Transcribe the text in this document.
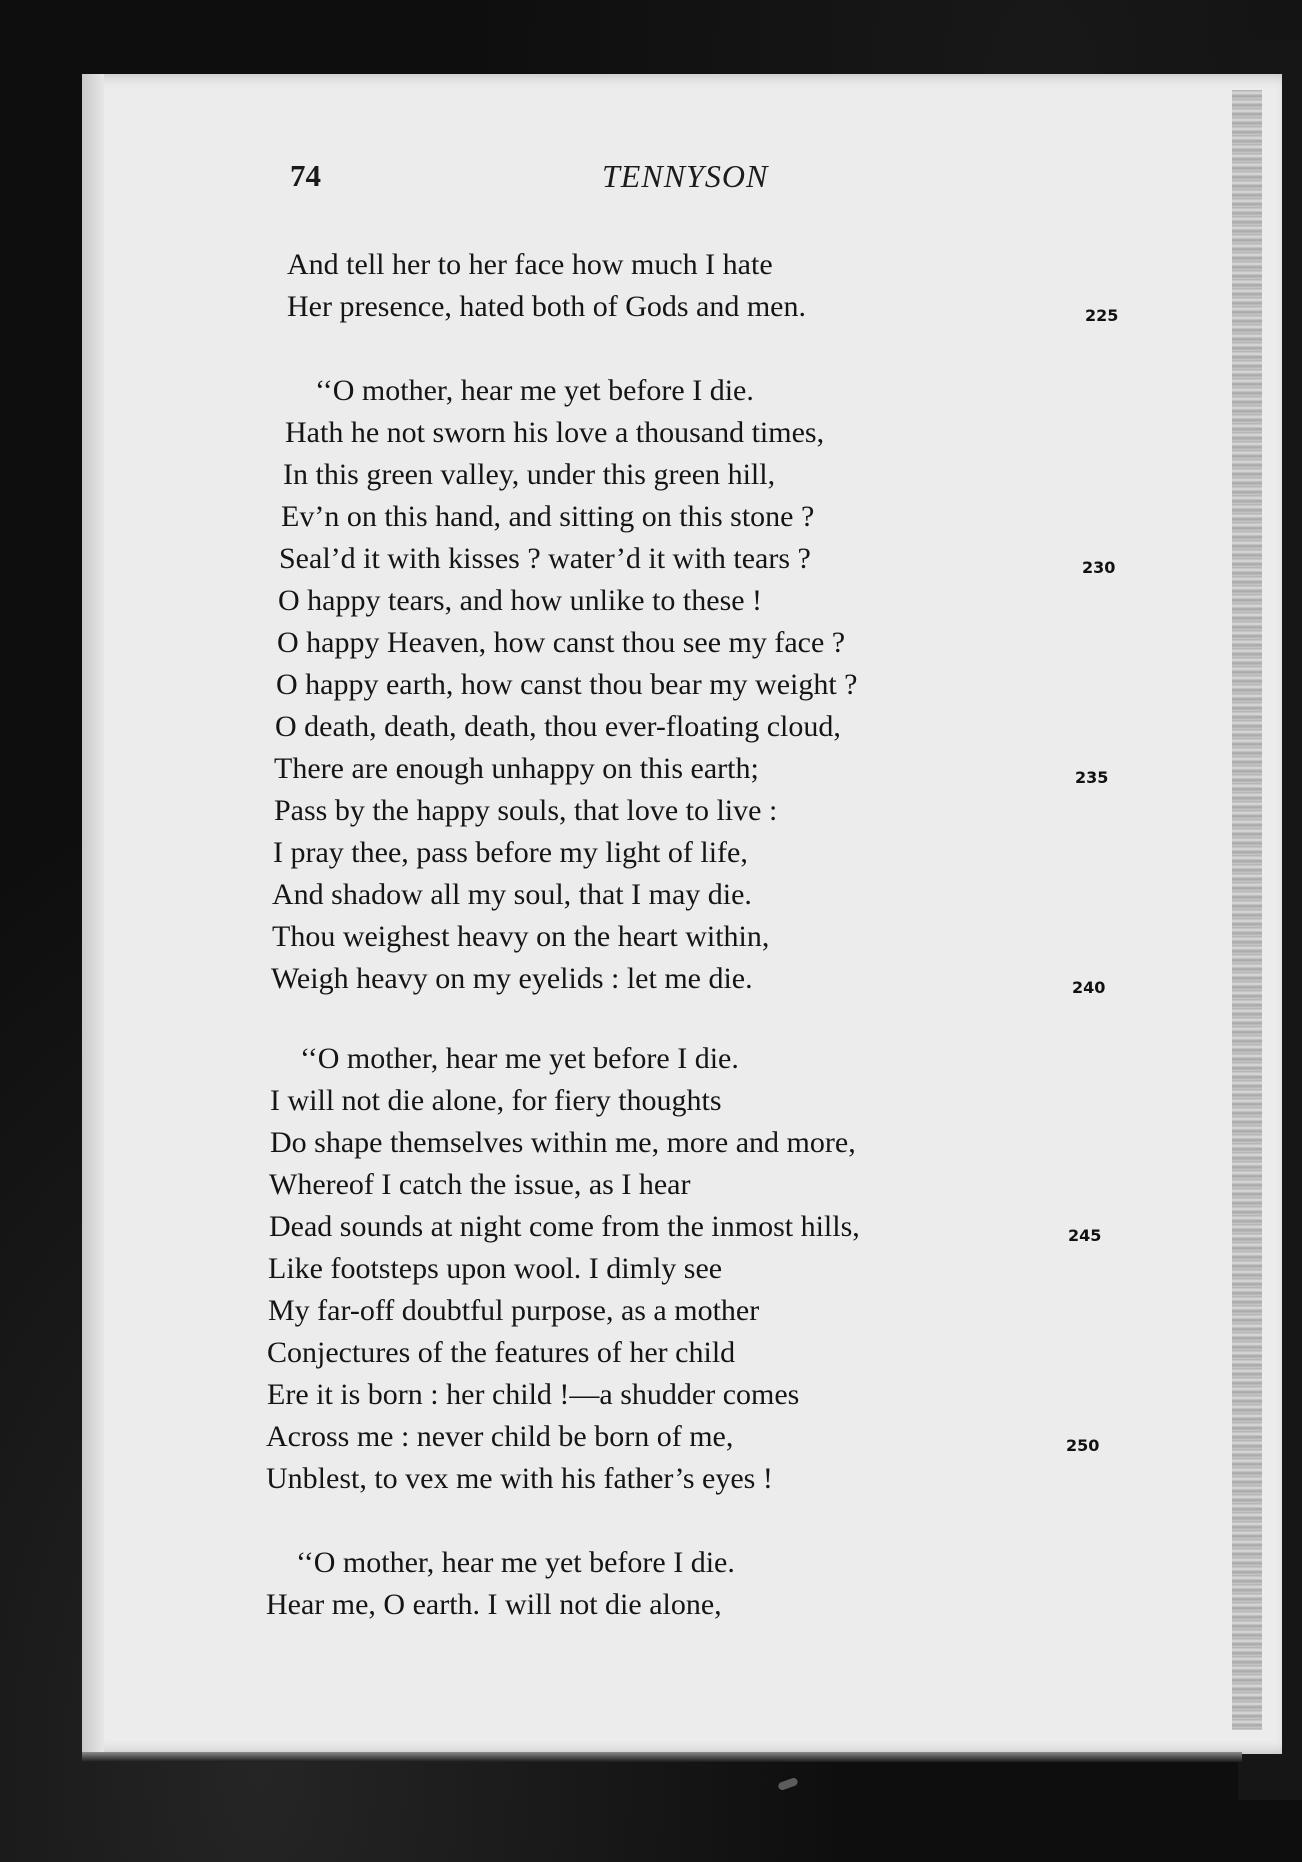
74	TENNYSON
And tell her to her face how much I hate
Her presence, hated both of Gods and men.
‘‘O mother, hear me yet before I die.
Hath he not sworn his love a thousand times,
In this green valley, under this green hill,
Ev’n on this hand, and sitting on this stone ?
Seal’d it with kisses ? water’d it with tears ?
O happy tears, and how unlike to these !
O happy Heaven, how canst thou see my face ?
O happy earth, how canst thou bear my weight ?
O death, death, death, thou ever-floating cloud,
There are enough unhappy on this earth;
Pass by the happy souls, that love to live :
I pray thee, pass before my light of life,
And shadow all my soul, that I may die.
Thou weighest heavy on the heart within,
Weigh heavy on my eyelids : let me die.
‘‘O mother, hear me yet before I die.
I will not die alone, for fiery thoughts
Do shape themselves within me, more and more,
Whereof I catch the issue, as I hear
Dead sounds at night come from the inmost hills,
Like footsteps upon wool. I dimly see
My far-off doubtful purpose, as a mother
Conjectures of the features of her child
Ere it is born : her child !—a shudder comes
Across me : never child be born of me,
Unblest, to vex me with his father’s eyes !
‘‘O mother, hear me yet before I die.
Hear me, O earth. I will not die alone,
225
230
235
240
245
250
